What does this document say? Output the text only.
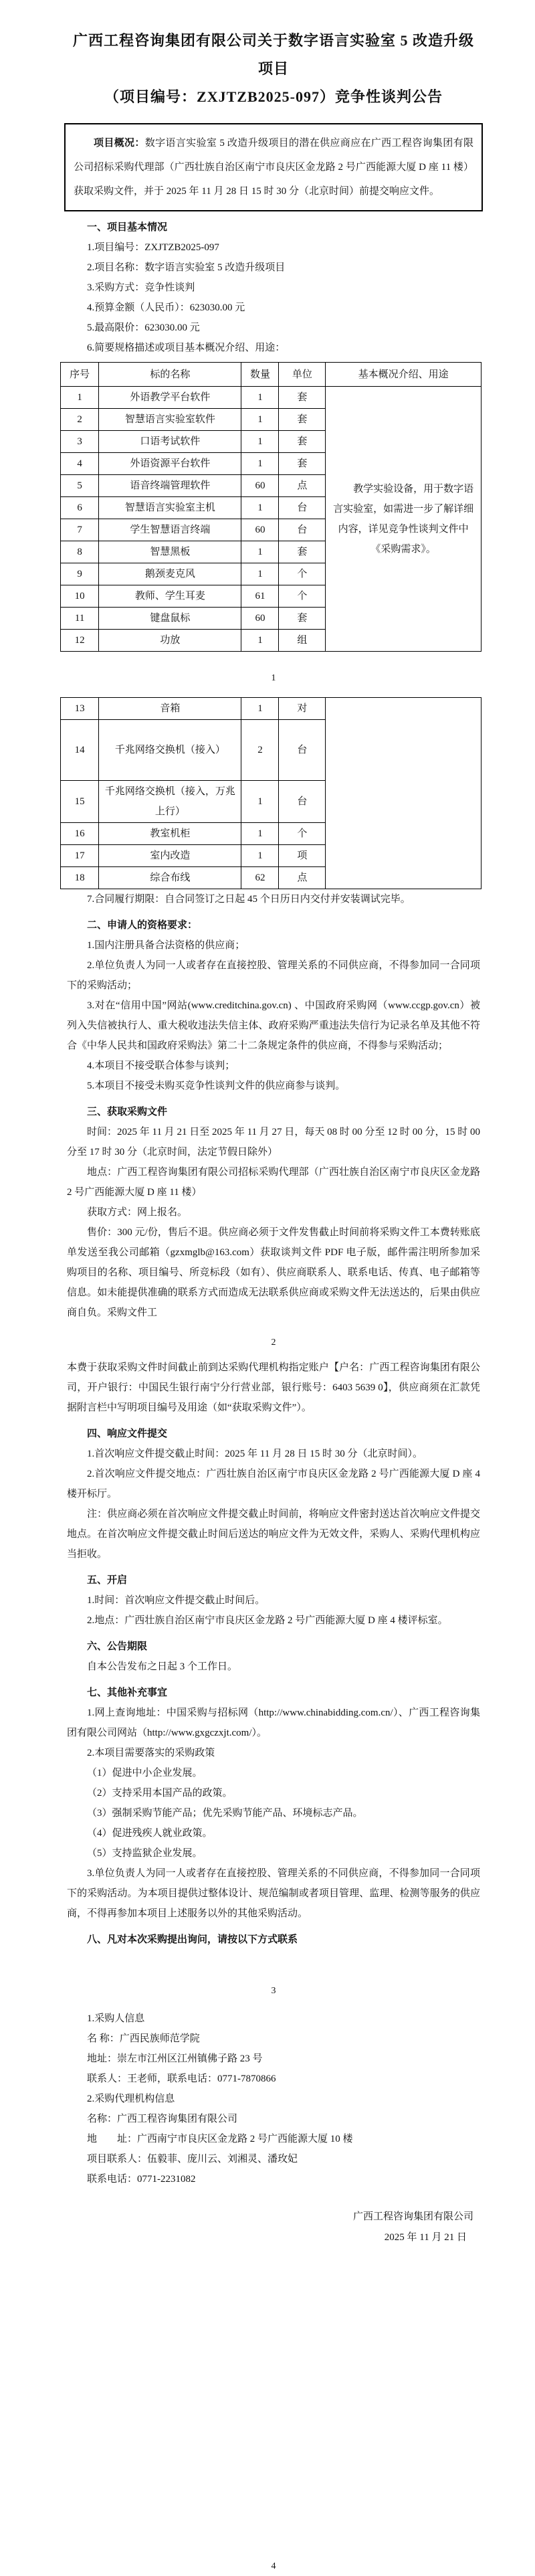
广西工程咨询集团有限公司关于数字语言实验室 5 改造升级项目
（项目编号：ZXJTZB2025-097）竞争性谈判公告

项目概况：数字语言实验室 5 改造升级项目的潜在供应商应在广西工程咨询集团有限公司招标采购代理部（广西壮族自治区南宁市良庆区金龙路 2 号广西能源大厦 D 座 11 楼）获取采购文件，并于 2025 年 11 月 28 日 15 时 30 分（北京时间）前提交响应文件。

一、项目基本情况
1.项目编号：ZXJTZB2025-097
2.项目名称：数字语言实验室 5 改造升级项目
3.采购方式：竞争性谈判
4.预算金额（人民币）：623030.00 元
5.最高限价：623030.00 元
6.简要规格描述或项目基本概况介绍、用途：
序号	标的名称	数量	单位	基本概况介绍、用途
1	外语教学平台软件	1	套	教学实验设备，用于数字语言实验室，如需进一步了解详细内容，详见竞争性谈判文件中《采购需求》。
2	智慧语言实验室软件	1	套	
3	口语考试软件	1	套	
4	外语资源平台软件	1	套	
5	语音终端管理软件	60	点	
6	智慧语言实验室主机	1	台	
7	学生智慧语言终端	60	台	
8	智慧黑板	1	套	
9	鹅颈麦克风	1	个	
10	教师、学生耳麦	61	个	
11	键盘鼠标	60	套	
12	功放	1	组	
1
13	音箱	1	对	
14	千兆网络交换机（接入）	2	台	
15	千兆网络交换机（接入，万兆上行）	1	台	
16	教室机柜	1	个	
17	室内改造	1	项	
18	综合布线	62	点	
7.合同履行期限：自合同签订之日起 45 个日历日内交付并安装调试完毕。
二、申请人的资格要求：
1.国内注册具备合法资格的供应商；
2.单位负责人为同一人或者存在直接控股、管理关系的不同供应商，不得参加同一合同项下的采购活动；
3.对在“信用中国”网站(www.creditchina.gov.cn) 、中国政府采购网（www.ccgp.gov.cn）被列入失信被执行人、重大税收违法失信主体、政府采购严重违法失信行为记录名单及其他不符合《中华人民共和国政府采购法》第二十二条规定条件的供应商，不得参与采购活动；
4.本项目不接受联合体参与谈判；
5.本项目不接受未购买竞争性谈判文件的供应商参与谈判。
三、获取采购文件
时间：2025 年 11 月 21 日至 2025 年 11 月 27 日，每天 08 时 00 分至 12 时 00 分，15 时 00 分至 17 时 30 分（北京时间，法定节假日除外）
地点：广西工程咨询集团有限公司招标采购代理部（广西壮族自治区南宁市良庆区金龙路 2 号广西能源大厦 D 座 11 楼）
获取方式：网上报名。
售价：300 元/份，售后不退。供应商必须于文件发售截止时间前将采购文件工本费转账底单发送至我公司邮箱（gzxmglb@163.com）获取谈判文件 PDF 电子版，邮件需注明所参加采购项目的名称、项目编号、所竞标段（如有）、供应商联系人、联系电话、传真、电子邮箱等信息。如未能提供准确的联系方式而造成无法联系供应商或采购文件无法送达的，后果由供应商自负。采购文件工
2
本费于获取采购文件时间截止前到达采购代理机构指定账户【户名：广西工程咨询集团有限公司，开户银行：中国民生银行南宁分行营业部，银行账号：6403 5639 0】，供应商须在汇款凭据附言栏中写明项目编号及用途（如“获取采购文件”）。
四、响应文件提交
1.首次响应文件提交截止时间：2025 年 11 月 28 日 15 时 30 分（北京时间）。
2.首次响应文件提交地点：广西壮族自治区南宁市良庆区金龙路 2 号广西能源大厦 D 座 4 楼开标厅。
注：供应商必须在首次响应文件提交截止时间前，将响应文件密封送达首次响应文件提交地点。在首次响应文件提交截止时间后送达的响应文件为无效文件，采购人、采购代理机构应当拒收。
五、开启
1.时间：首次响应文件提交截止时间后。
2.地点：广西壮族自治区南宁市良庆区金龙路 2 号广西能源大厦 D 座 4 楼评标室。
六、公告期限
自本公告发布之日起 3 个工作日。
七、其他补充事宜
1.网上查询地址：中国采购与招标网（http://www.chinabidding.com.cn/）、广西工程咨询集团有限公司网站（http://www.gxgczxjt.com/）。
2.本项目需要落实的采购政策
（1）促进中小企业发展。
（2）支持采用本国产品的政策。
（3）强制采购节能产品；优先采购节能产品、环境标志产品。
（4）促进残疾人就业政策。
（5）支持监狱企业发展。
3.单位负责人为同一人或者存在直接控股、管理关系的不同供应商，不得参加同一合同项下的采购活动。为本项目提供过整体设计、规范编制或者项目管理、监理、检测等服务的供应商，不得再参加本项目上述服务以外的其他采购活动。
八、凡对本次采购提出询问，请按以下方式联系
3
1.采购人信息
名 称：广西民族师范学院
地址：崇左市江州区江州镇佛子路 23 号
联系人：王老师，联系电话：0771-7870866
2.采购代理机构信息
名称：广西工程咨询集团有限公司
地　　址：广西南宁市良庆区金龙路 2 号广西能源大厦 10 楼
项目联系人：伍毅菲、庞川云、刘湘灵、潘玫妃
联系电话：0771-2231082
广西工程咨询集团有限公司
2025 年 11 月 21 日
4
